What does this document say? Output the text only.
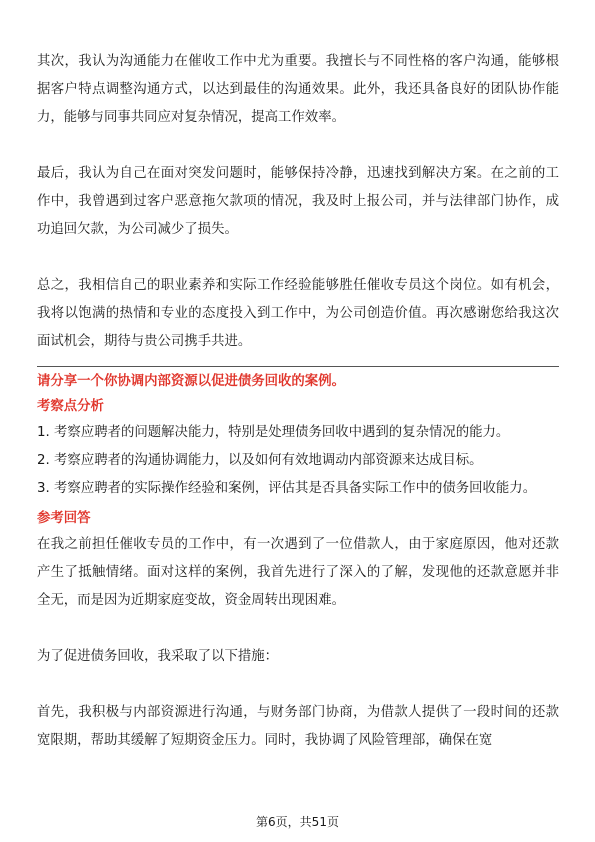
其次，我认为沟通能力在催收工作中尤为重要。我擅长与不同性格的客户沟通，能够根据客户特点调整沟通方式，以达到最佳的沟通效果。此外，我还具备良好的团队协作能力，能够与同事共同应对复杂情况，提高工作效率。

最后，我认为自己在面对突发问题时，能够保持冷静，迅速找到解决方案。在之前的工作中，我曾遇到过客户恶意拖欠款项的情况，我及时上报公司，并与法律部门协作，成功追回欠款，为公司减少了损失。

总之，我相信自己的职业素养和实际工作经验能够胜任催收专员这个岗位。如有机会，我将以饱满的热情和专业的态度投入到工作中，为公司创造价值。再次感谢您给我这次面试机会，期待与贵公司携手共进。

请分享一个你协调内部资源以促进债务回收的案例。

考察点分析

1. 考察应聘者的问题解决能力，特别是处理债务回收中遇到的复杂情况的能力。

2. 考察应聘者的沟通协调能力，以及如何有效地调动内部资源来达成目标。

3. 考察应聘者的实际操作经验和案例，评估其是否具备实际工作中的债务回收能力。

参考回答

在我之前担任催收专员的工作中，有一次遇到了一位借款人，由于家庭原因，他对还款产生了抵触情绪。面对这样的案例，我首先进行了深入的了解，发现他的还款意愿并非全无，而是因为近期家庭变故，资金周转出现困难。

为了促进债务回收，我采取了以下措施：

首先，我积极与内部资源进行沟通，与财务部门协商，为借款人提供了一段时间的还款宽限期，帮助其缓解了短期资金压力。同时，我协调了风险管理部，确保在宽

第6页，共51页
